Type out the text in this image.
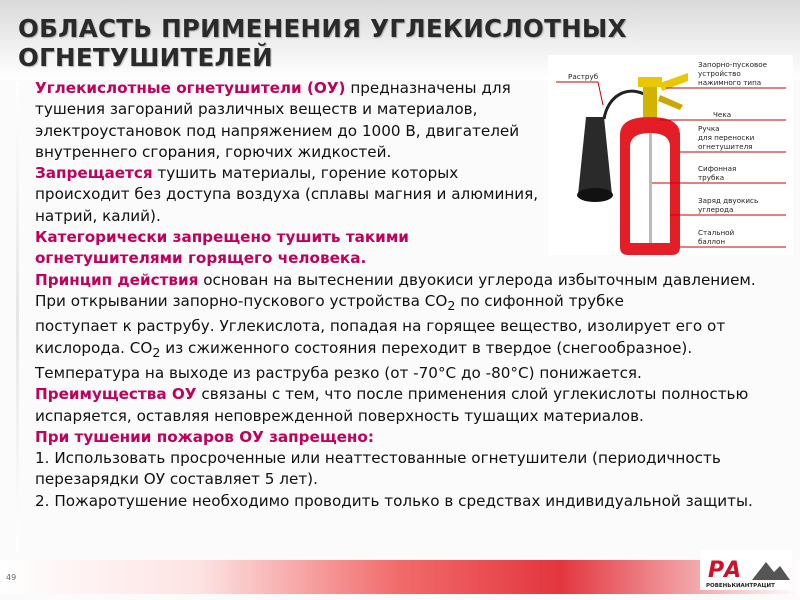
ОБЛАСТЬ ПРИМЕНЕНИЯ УГЛЕКИСЛОТНЫХ
ОГНЕТУШИТЕЛЕЙ

Углекислотные огнетушители (ОУ) предназначены для тушения загораний различных веществ и материалов, электроустановок под напряжением до 1000 В, двигателей внутреннего сгорания, горючих жидкостей.

Запрещается тушить материалы, горение которых происходит без доступа воздуха (сплавы магния и алюминия, натрий, калий).

Категорически запрещено тушить такими огнетушителями горящего человека.

Принцип действия основан на вытеснении двуокиси углерода избыточным давлением. При открывании запорно-пускового устройства $CO_2$ по сифонной трубке

поступает к раструбу. Углекислота, попадая на горящее вещество, изолирует его от

кислорода. $CO_2$ из сжиженного состояния переходит в твердое (снегообразное).

Температура на выходе из раструба резко (от -70°С до -80°С) понижается.

Преимущества ОУ связаны с тем, что после применения слой углекислоты полностью испаряется, оставляя неповрежденной поверхность тушащих материалов.

При тушении пожаров ОУ запрещено:

1. Использовать просроченные или неаттестованные огнетушители (периодичность перезарядки ОУ составляет 5 лет).

2. Пожаротушение необходимо проводить только в средствах индивидуальной защиты.

Раструб
Запорно-пусковое
устройство
нажимного типа
Чека
Ручка
для переноски
огнетушителя
Сифонная
трубка
Заряд двуокись
углерода
Стальной
баллон
49	РА
РОВЕНЬКИАНТРАЦИТ
